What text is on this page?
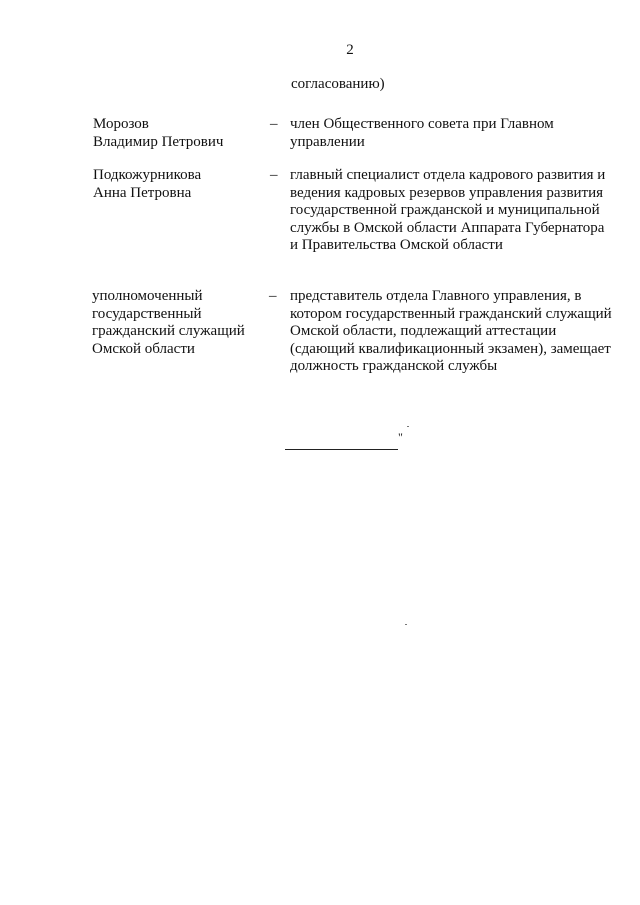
2
согласованию)
Морозов
Владимир Петрович
– член Общественного совета при Главном управлении
Подкожурникова
Анна Петровна
– главный специалист отдела кадрового развития и ведения кадровых резервов управления развития государственной гражданской и муниципальной службы в Омской области Аппарата Губернатора и Правительства Омской области
уполномоченный
государственный
гражданский служащий
Омской области
– представитель отдела Главного управления, в котором государственный гражданский служащий Омской области, подлежащий аттестации (сдающий квалификационный экзамен), замещает должность гражданской службы
"
